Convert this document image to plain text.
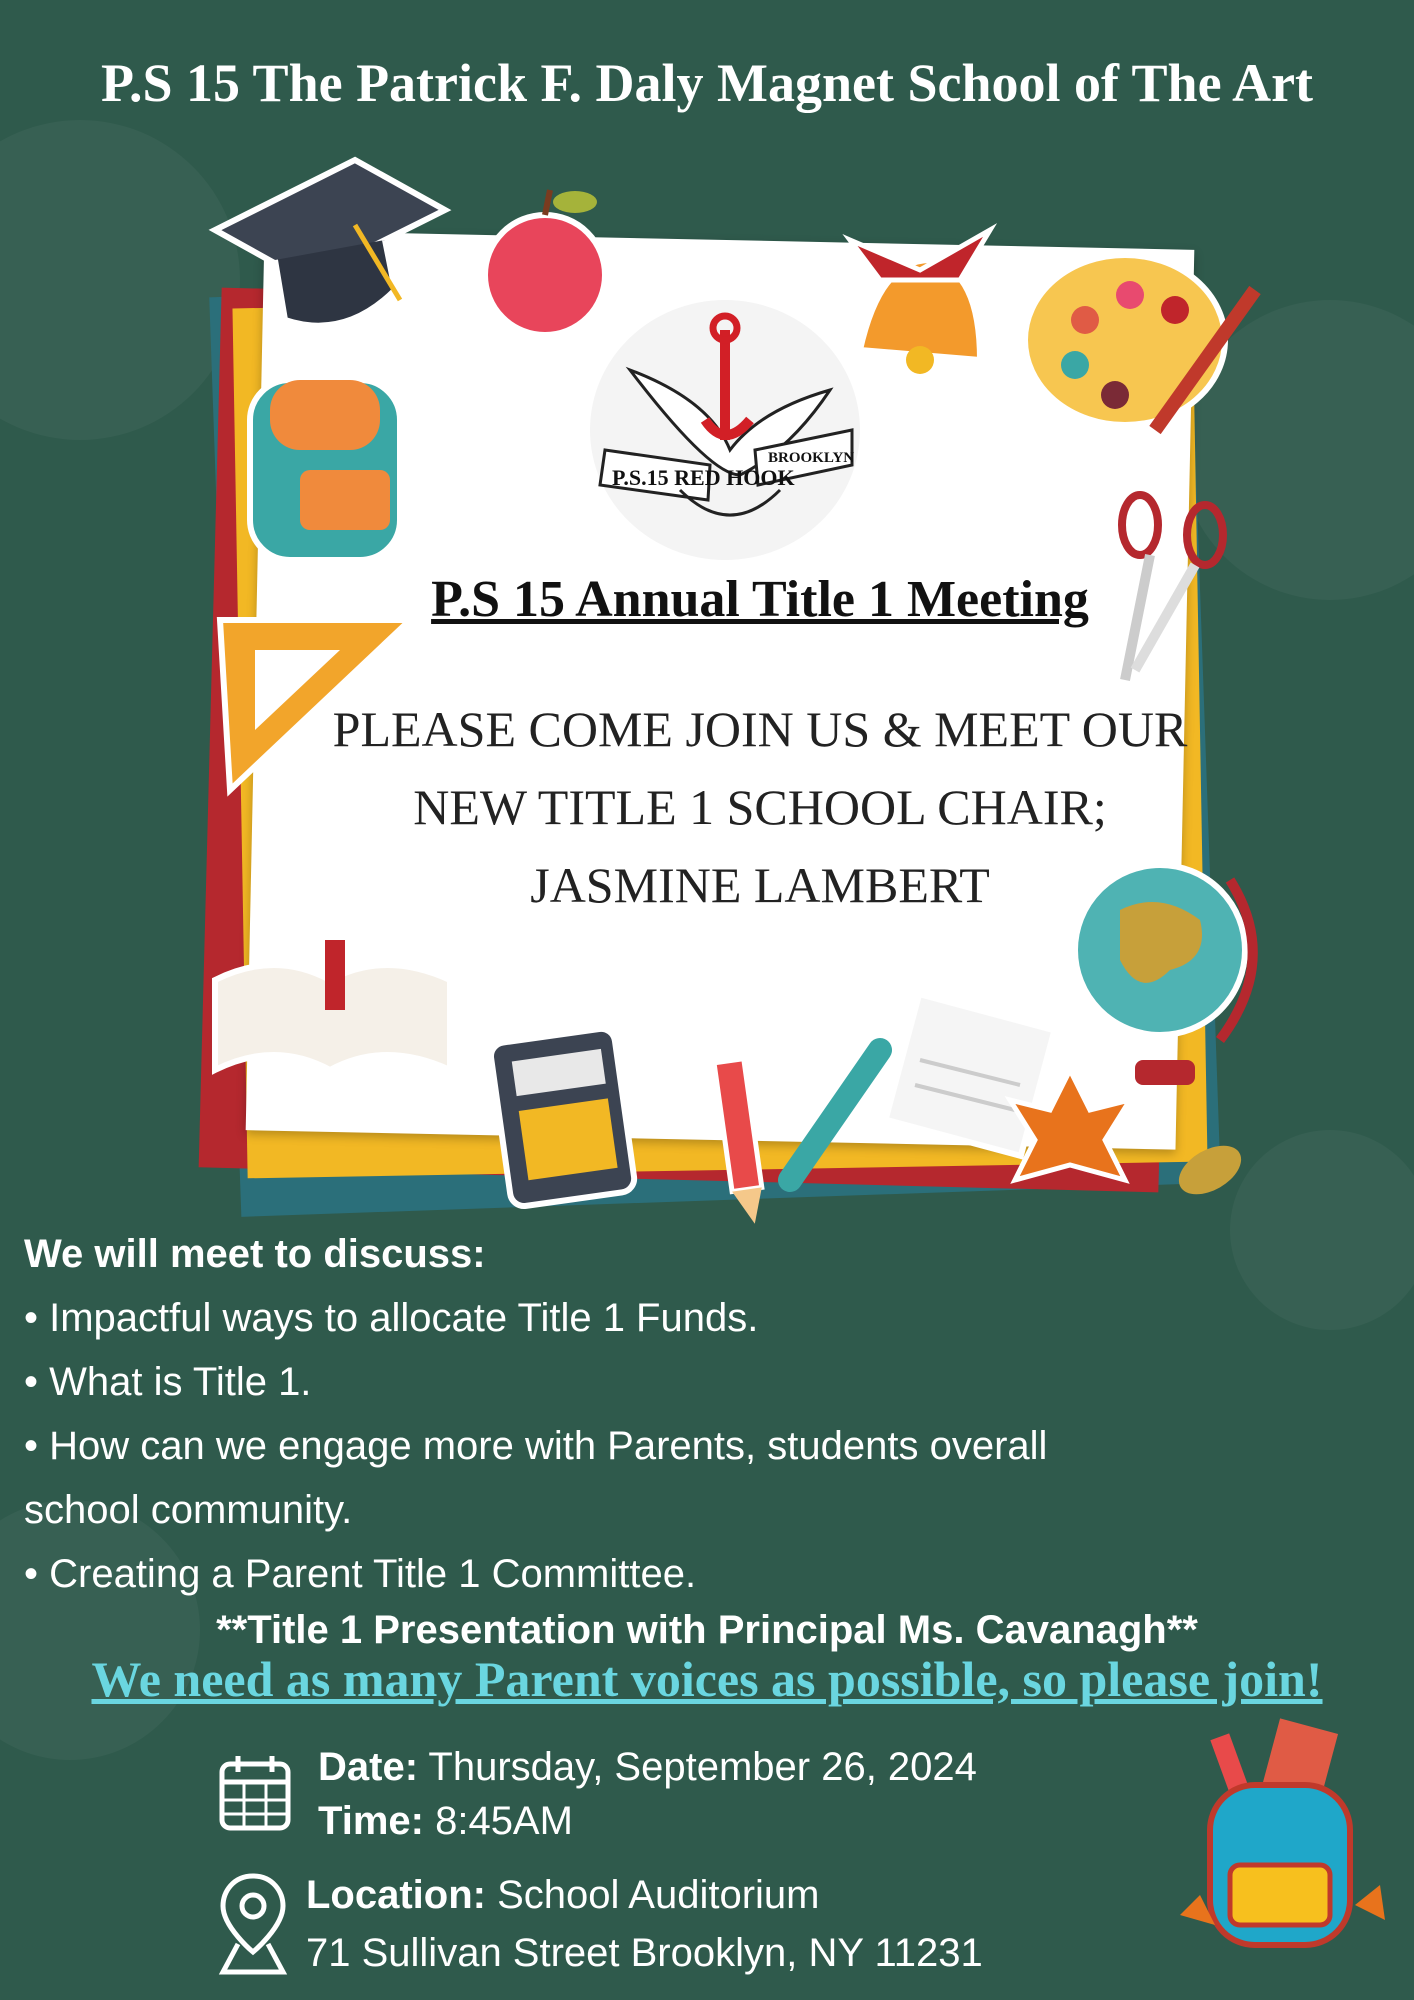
P.S 15 The Patrick F. Daly Magnet School of The Art
P.S.15 RED HOOK
BROOKLYN
P.S 15 Annual Title 1 Meeting
PLEASE COME JOIN US & MEET OUR
NEW TITLE 1 SCHOOL CHAIR;
JASMINE LAMBERT
We will meet to discuss:
• Impactful ways to allocate Title 1 Funds.
• What is Title 1.
• How can we engage more with Parents, students overall
school community.
• Creating a Parent Title 1 Committee.
**Title 1 Presentation with Principal Ms. Cavanagh**
We need as many Parent voices as possible, so please join!
Date: Thursday, September 26, 2024
Time: 8:45AM
Location: School Auditorium
71 Sullivan Street Brooklyn, NY 11231
